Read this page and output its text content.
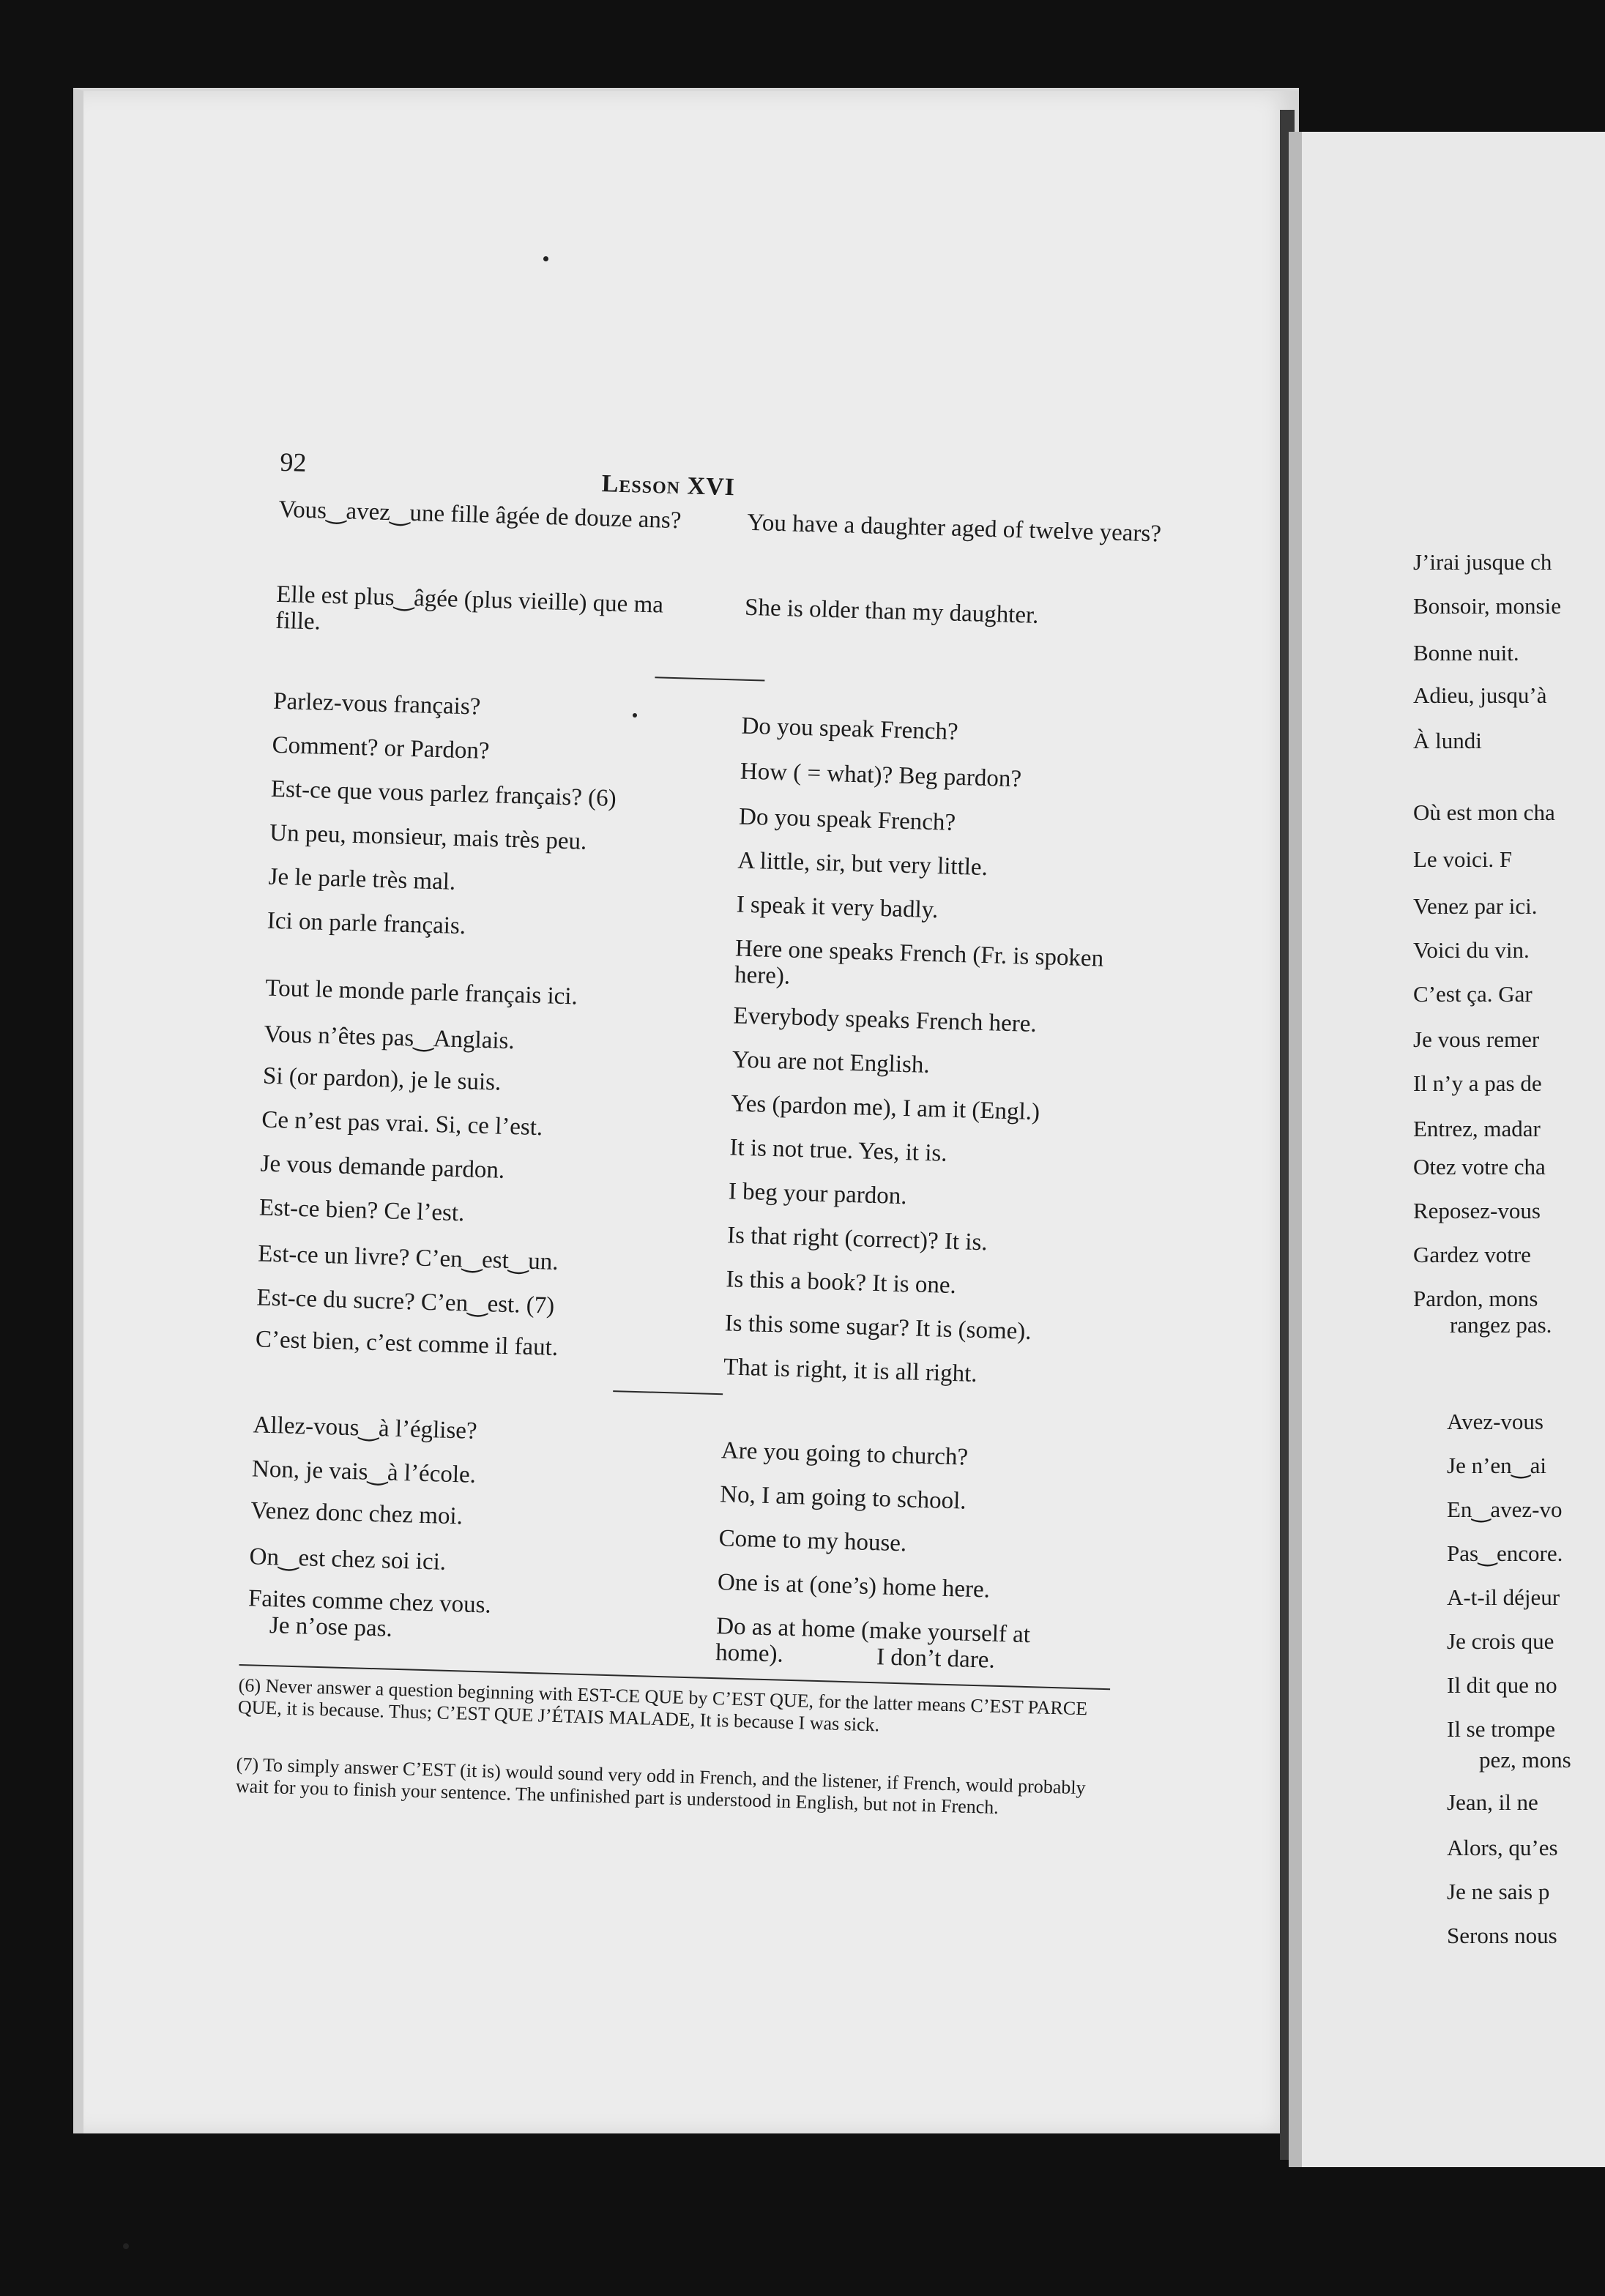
92
Lesson XVI
Vous‿avez‿une fille âgée de douze ans?	You have a daughter aged of twelve years?
Elle est plus‿âgée (plus vieille) que ma fille.	She is older than my daughter.
Parlez-vous français?
Do you speak French?
Comment? or Pardon?
How ( = what)? Beg pardon?
Est-ce que vous parlez français? (6)
Do you speak French?
Un peu, monsieur, mais très peu.
A little, sir, but very little.
Je le parle très mal.
I speak it very badly.
Ici on parle français.
Here one speaks French (Fr. is spoken here).
Tout le monde parle français ici.
Everybody speaks French here.
Vous n’êtes pas‿Anglais.
You are not English.
Si (or pardon), je le suis.
Yes (pardon me), I am it (Engl.)
Ce n’est pas vrai. Si, ce l’est.
It is not true. Yes, it is.
Je vous demande pardon.
I beg your pardon.
Est-ce bien? Ce l’est.
Is that right (correct)? It is.
Est-ce un livre? C’en‿est‿un.
Is this a book? It is one.
Est-ce du sucre? C’en‿est. (7)
Is this some sugar? It is (some).
C’est bien, c’est comme il faut.
That is right, it is all right.
Allez-vous‿à l’église?
Are you going to church?
Non, je vais‿à l’école.
No, I am going to school.
Venez donc chez moi.
Come to my house.
On‿est chez soi ici.
One is at (one’s) home here.
Faites comme chez vous.
Do as at home (make yourself at home).
Je n’ose pas.
I don’t dare.
(6) Never answer a question beginning with EST-CE QUE by C’EST QUE, for the latter means C’EST PARCE QUE, it is because. Thus; C’EST QUE J’ÉTAIS MALADE, It is because I was sick.
(7) To simply answer C’EST (it is) would sound very odd in French, and the listener, if French, would probably wait for you to finish your sentence. The unfinished part is understood in English, but not in French.
J’irai jusque ch
Bonsoir, monsie
Bonne nuit.
Adieu, jusqu’à
À lundi
Où est mon cha
Le voici. F
Venez par ici.
Voici du vin.
C’est ça. Gar
Je vous remer
Il n’y a pas de
Entrez, madar
Otez votre cha
Reposez-vous
Gardez votre
Pardon, mons
rangez pas.
Avez-vous
Je n’en‿ai
En‿avez-vo
Pas‿encore.
A-t-il déjeur
Je crois que
Il dit que no
Il se trompe
pez, mons
Jean, il ne
Alors, qu’es
Je ne sais p
Serons nous
